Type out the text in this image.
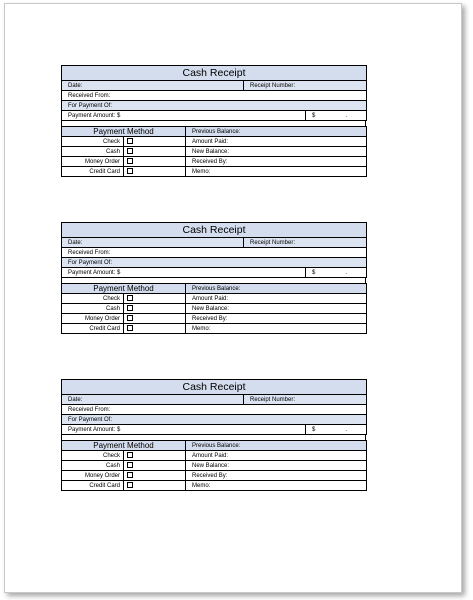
Cash Receipt		
Date:	Receipt Number:	
Received From:		
For Payment Of:		
Payment Amount: $		$ .
Payment Method		Previous Balance:
Check		Amount Paid:
Cash		New Balance:
Money Order		Received By:
Credit Card		Memo:
Cash Receipt		
Date:	Receipt Number:	
Received From:		
For Payment Of:		
Payment Amount: $		$ .
Payment Method		Previous Balance:
Check		Amount Paid:
Cash		New Balance:
Money Order		Received By:
Credit Card		Memo:
Cash Receipt		
Date:	Receipt Number:	
Received From:		
For Payment Of:		
Payment Amount: $		$ .
Payment Method		Previous Balance:
Check		Amount Paid:
Cash		New Balance:
Money Order		Received By:
Credit Card		Memo:
